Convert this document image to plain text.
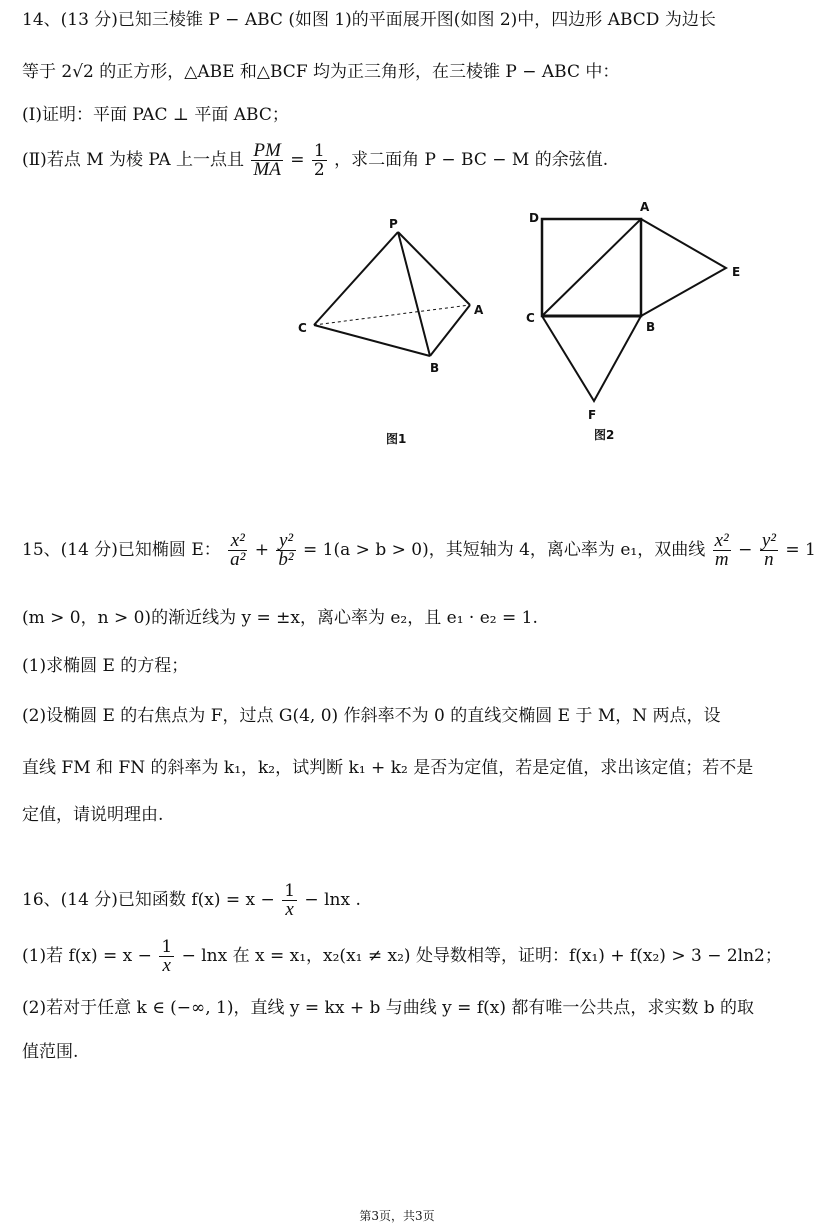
14、(13 分)已知三棱锥 P − ABC (如图 1)的平面展开图(如图 2)中，四边形 ABCD 为边长
等于 2√2 的正方形，△ABE 和△BCF 均为正三角形，在三棱锥 P − ABC 中：
(Ⅰ)证明：平面 PAC ⊥ 平面 ABC；
(Ⅱ)若点 M 为棱 PA 上一点且 $\frac{PM}{MA} = \frac{1}{2}$ ，求二面角 P − BC − M 的余弦值.
P
A
B
C
图1
D
A
E
C
B
F
图2
15、(14 分)已知椭圆 E： $\frac{\text{x²}}{\text{a²}} + \frac{\text{y²}}{\text{b²}} = 1(a > b > 0)$，其短轴为 4，离心率为 e₁，双曲线 $\frac{\text{x²}}{m} - \frac{\text{y²}}{n} = 1$
(m > 0，n > 0)的渐近线为 y = ±x，离心率为 e₂，且 e₁ · e₂ = 1.
(1)求椭圆 E 的方程；
(2)设椭圆 E 的右焦点为 F，过点 G(4, 0) 作斜率不为 0 的直线交椭圆 E 于 M，N 两点，设
直线 FM 和 FN 的斜率为 k₁，k₂，试判断 k₁ + k₂ 是否为定值，若是定值，求出该定值；若不是
定值，请说明理由.
16、(14 分)已知函数 $f(x) = x - \frac{1}{x} - \ln x$ .
(1)若 $f(x) = x - \frac{1}{x} - \ln x$ 在 x = x₁，x₂(x₁ ≠ x₂) 处导数相等，证明：f(x₁) + f(x₂) > 3 − 2ln2；
(2)若对于任意 k ∈ (−∞, 1)，直线 y = kx + b 与曲线 y = f(x) 都有唯一公共点，求实数 b 的取
值范围.
第3页，共3页
